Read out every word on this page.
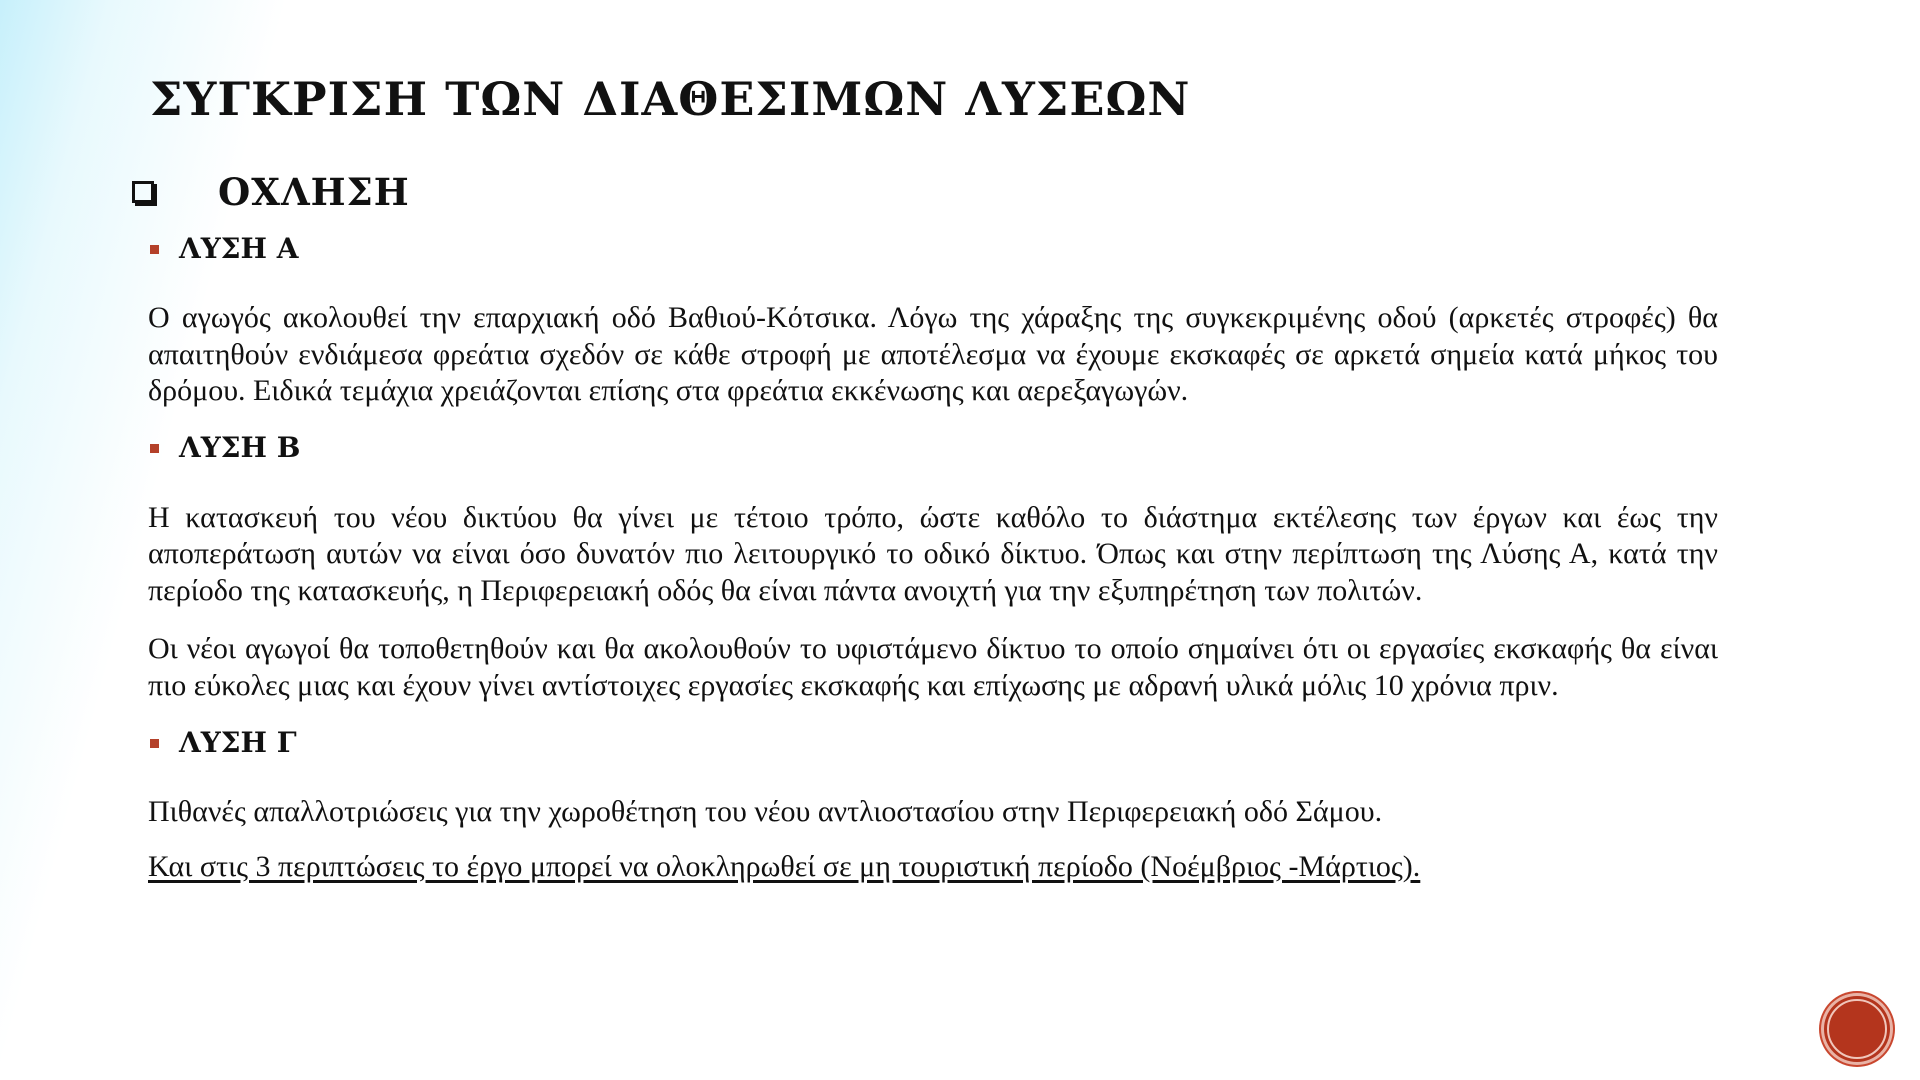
ΣΥΓΚΡΙΣΗ ΤΩΝ ΔΙΑΘΕΣΙΜΩΝ ΛΥΣΕΩΝ
ΟΧΛΗΣΗ
ΛΥΣΗ Α

Ο αγωγός ακολουθεί την επαρχιακή οδό Βαθιού-Κότσικα. Λόγω της χάραξης της συγκεκριμένης οδού (αρκετές στροφές) θα απαιτηθούν ενδιάμεσα φρεάτια σχεδόν σε κάθε στροφή με αποτέλεσμα να έχουμε εκσκαφές σε αρκετά σημεία κατά μήκος του δρόμου. Ειδικά τεμάχια χρειάζονται επίσης στα φρεάτια εκκένωσης και αερεξαγωγών.

ΛΥΣΗ Β

Η κατασκευή του νέου δικτύου θα γίνει με τέτοιο τρόπο, ώστε καθόλο το διάστημα εκτέλεσης των έργων και έως την αποπεράτωση αυτών να είναι όσο δυνατόν πιο λειτουργικό το οδικό δίκτυο. Όπως και στην περίπτωση της Λύσης Α, κατά την περίοδο της κατασκευής, η Περιφερειακή οδός θα είναι πάντα ανοιχτή για την εξυπηρέτηση των πολιτών.

Οι νέοι αγωγοί θα τοποθετηθούν και θα ακολουθούν το υφιστάμενο δίκτυο το οποίο σημαίνει ότι οι εργασίες εκσκαφής θα είναι πιο εύκολες μιας και έχουν γίνει αντίστοιχες εργασίες εκσκαφής και επίχωσης με αδρανή υλικά μόλις 10 χρόνια πριν.

ΛΥΣΗ Γ

Πιθανές απαλλοτριώσεις για την χωροθέτηση του νέου αντλιοστασίου στην Περιφερειακή οδό Σάμου.

Και στις 3 περιπτώσεις το έργο μπορεί να ολοκληρωθεί σε μη τουριστική περίοδο (Νοέμβριος -Μάρτιος).
